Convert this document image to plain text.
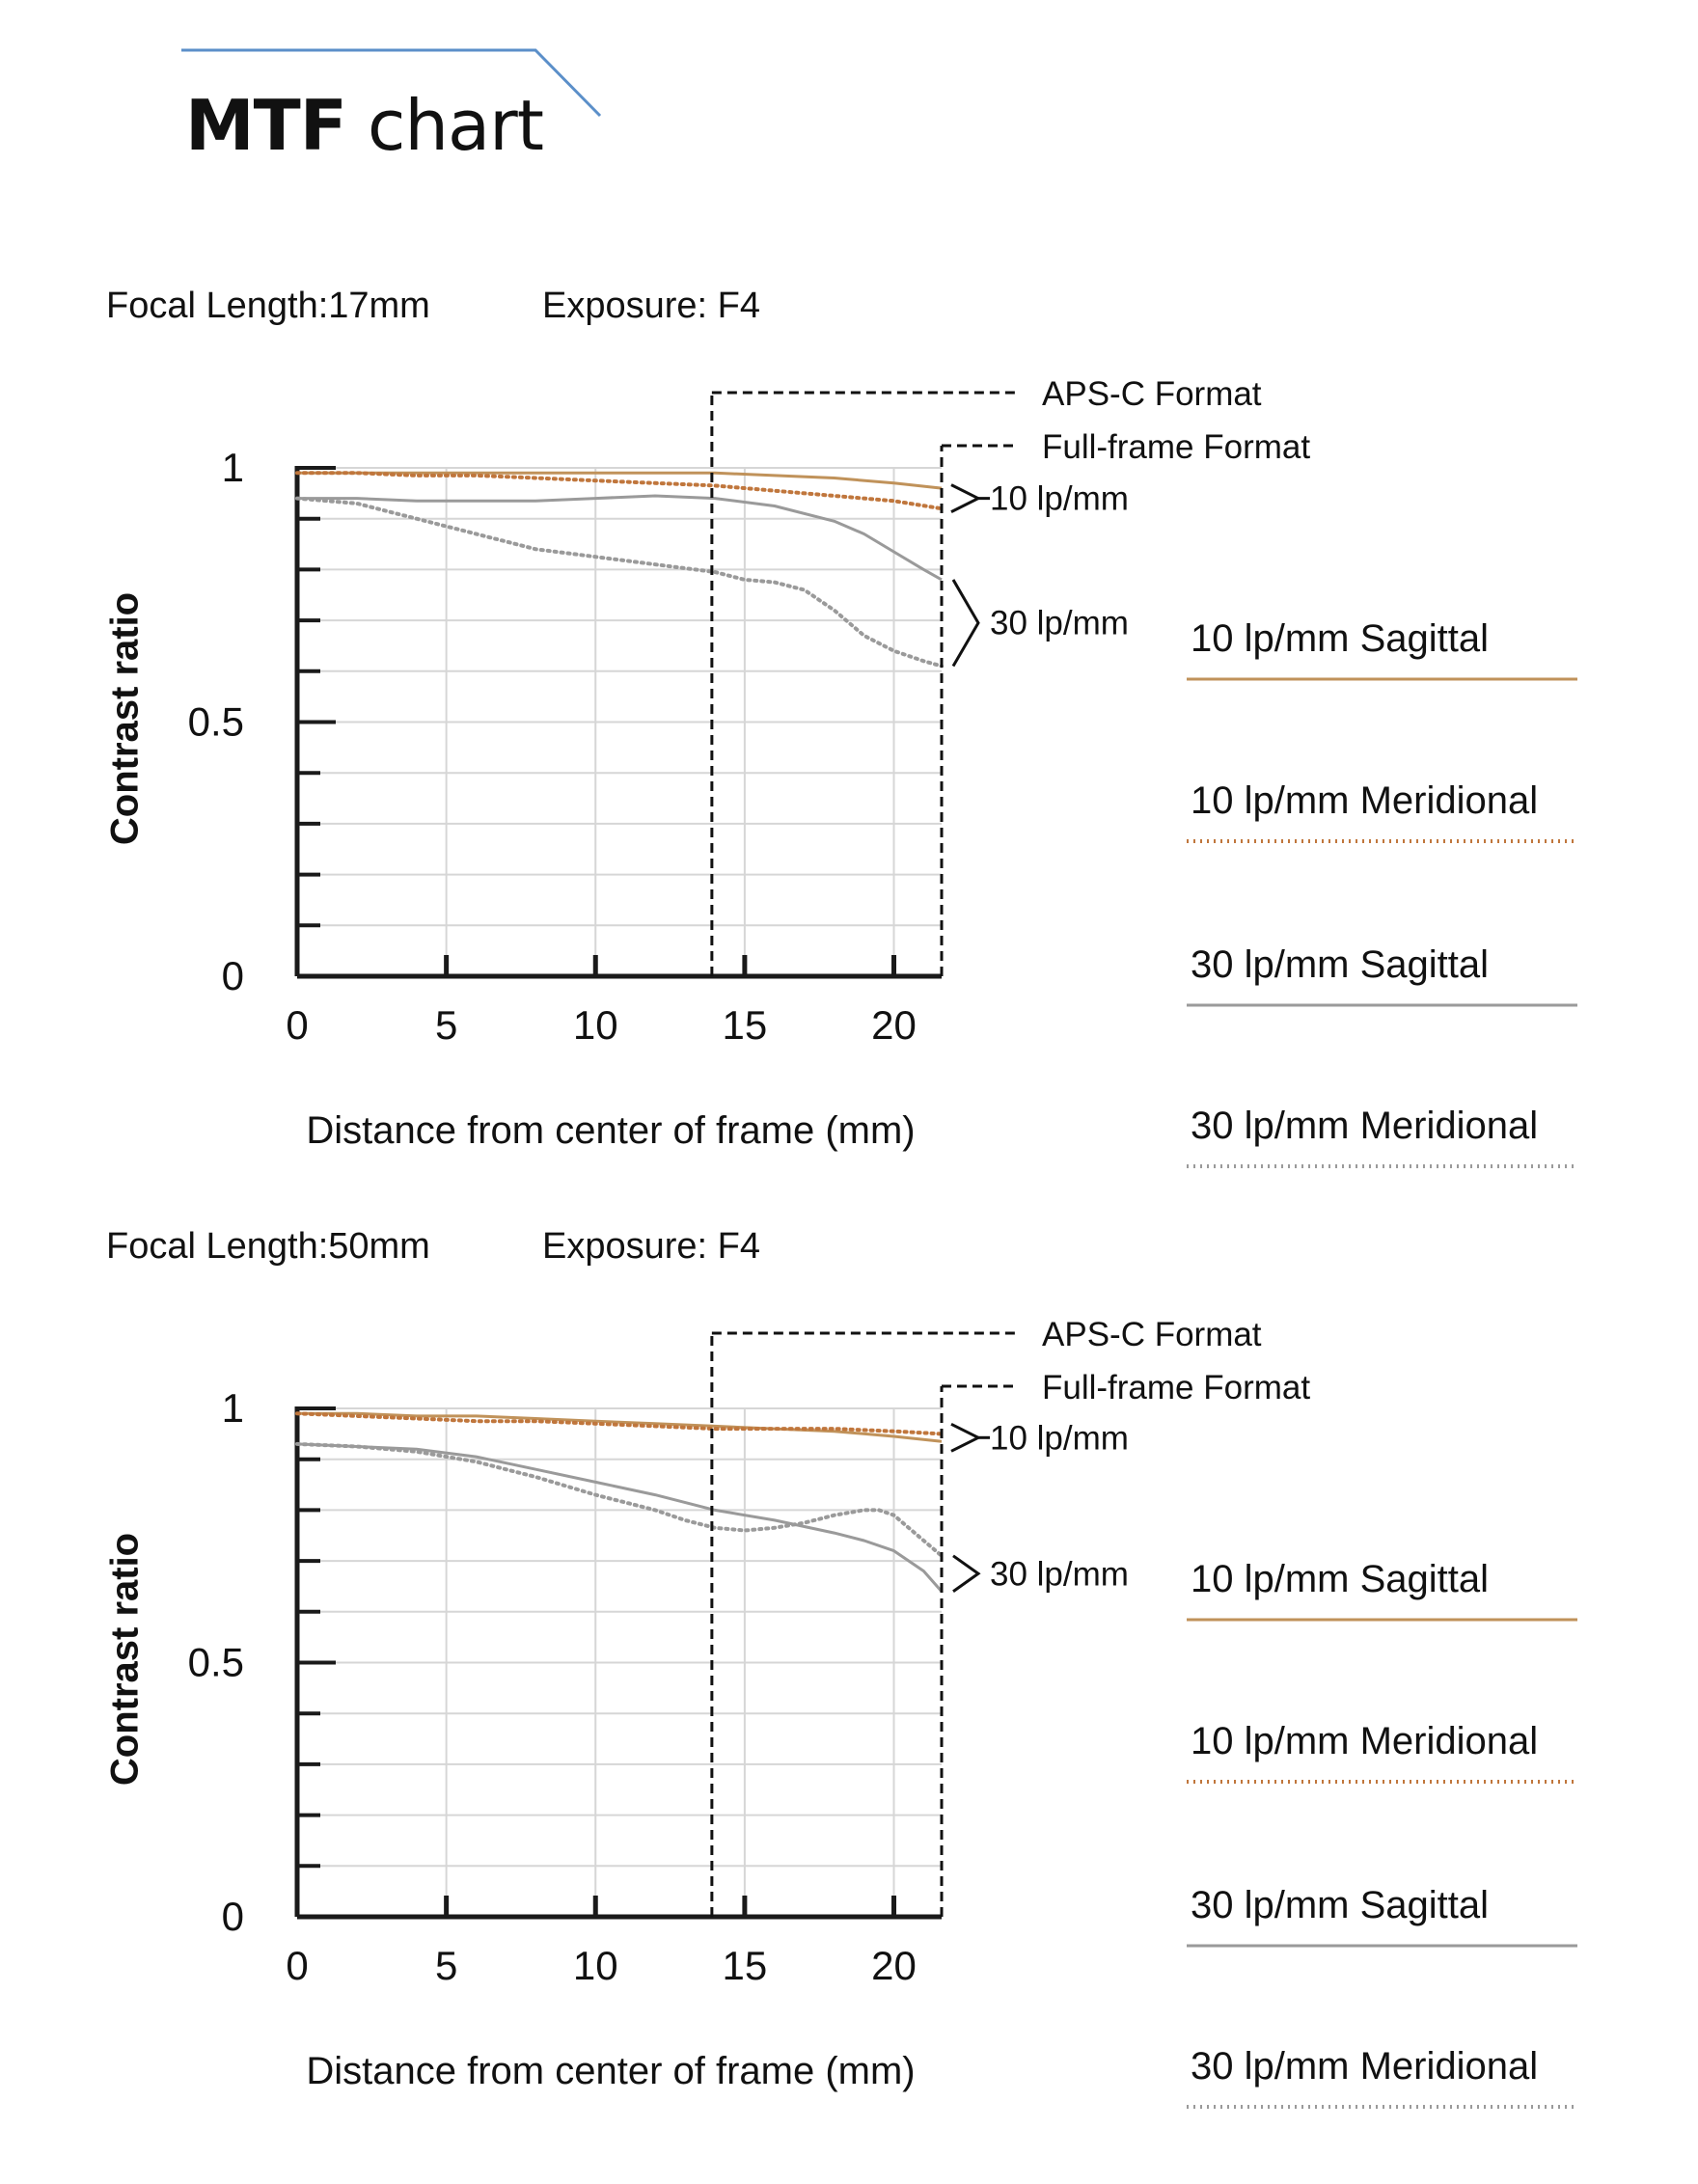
MTF chart
Focal Length:17mm	Exposure: F4
0	5	10	15	20
0
0.5
1
APS-C Format
Full-frame Format
10 lp/mm
30 lp/mm
Contrast ratio
Distance from center of frame (mm)
10 lp/mm Sagittal
10 lp/mm Meridional
30 lp/mm Sagittal
30 lp/mm Meridional
Focal Length:50mm	Exposure: F4
0	5	10	15	20
0
0.5
1
APS-C Format
Full-frame Format
10 lp/mm
30 lp/mm
Contrast ratio
Distance from center of frame (mm)
10 lp/mm Sagittal
10 lp/mm Meridional
30 lp/mm Sagittal
30 lp/mm Meridional
